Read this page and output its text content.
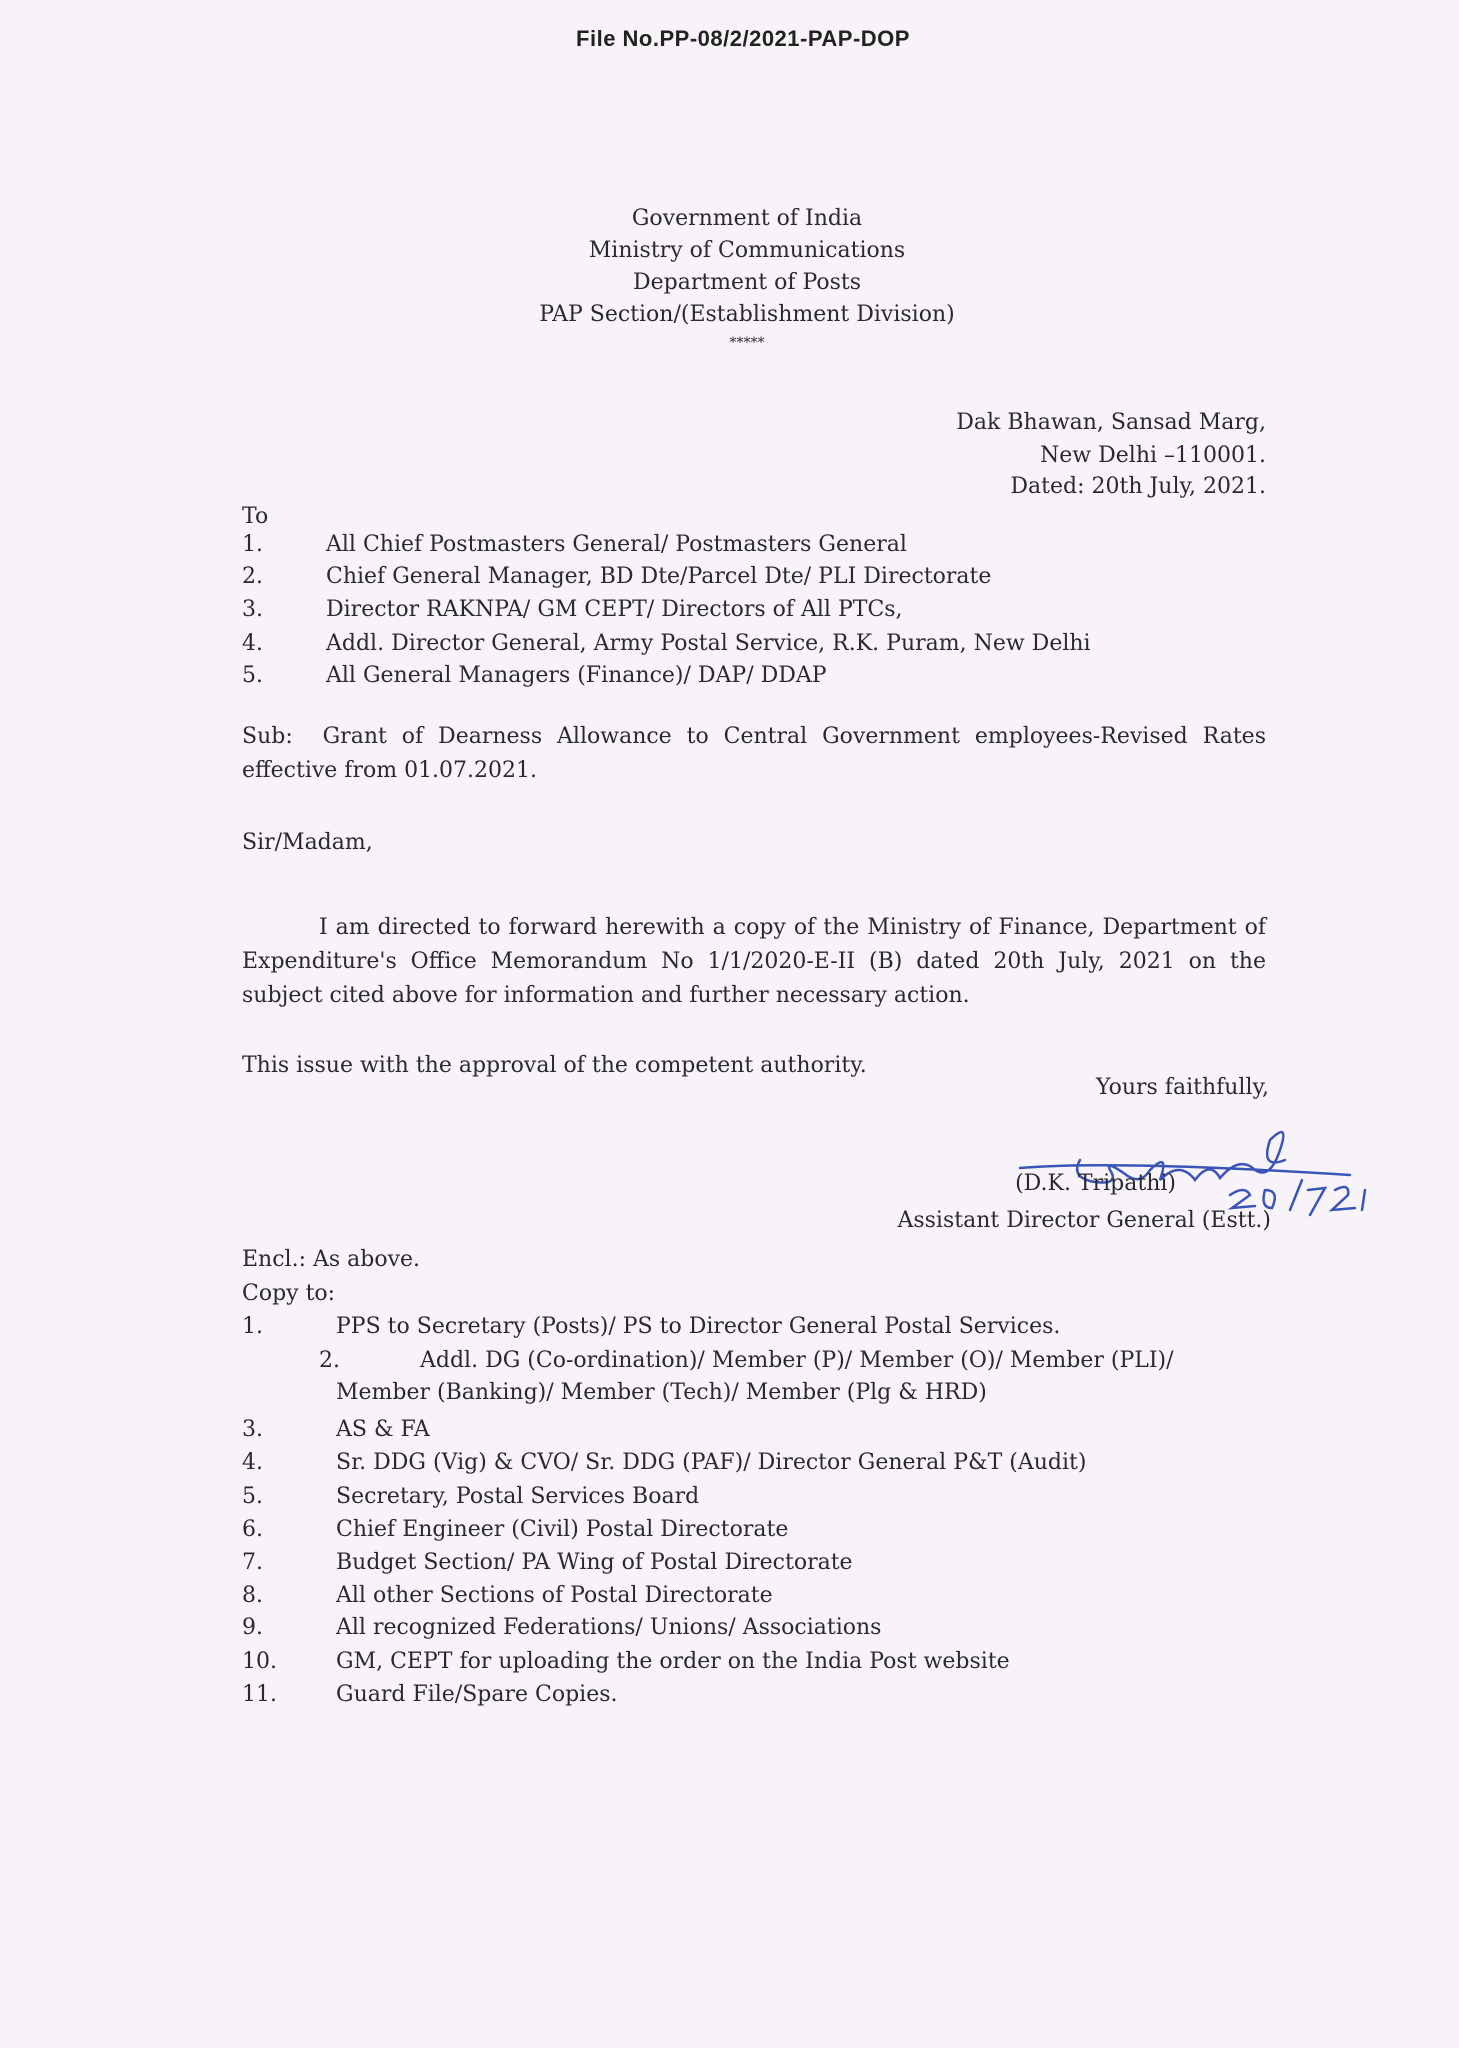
File No.PP-08/2/2021-PAP-DOP
Government of India
Ministry of Communications
Department of Posts
PAP Section/(Establishment Division)
*****
Dak Bhawan, Sansad Marg,
New Delhi –110001.
Dated: 20th July, 2021.
To
1.	All Chief Postmasters General/ Postmasters General
2.	Chief General Manager, BD Dte/Parcel Dte/ PLI Directorate
3.	Director RAKNPA/ GM CEPT/ Directors of All PTCs,
4.	Addl. Director General, Army Postal Service, R.K. Puram, New Delhi
5.	All General Managers (Finance)/ DAP/ DDAP
Sub: Grant of Dearness Allowance to Central Government employees-Revised Rates effective from 01.07.2021.
Sir/Madam,
I am directed to forward herewith a copy of the Ministry of Finance, Department of Expenditure's Office Memorandum No 1/1/2020-E-II (B) dated 20th July, 2021 on the subject cited above for information and further necessary action.
This issue with the approval of the competent authority.
Yours faithfully,
(D.K. Tripathi)
Assistant Director General (Estt.)
Encl.: As above.
Copy to:
1.	PPS to Secretary (Posts)/ PS to Director General Postal Services.
2.	Addl. DG (Co-ordination)/ Member (P)/ Member (O)/ Member (PLI)/
Member (Banking)/ Member (Tech)/ Member (Plg & HRD)
3.	AS & FA
4.	Sr. DDG (Vig) & CVO/ Sr. DDG (PAF)/ Director General P&T (Audit)
5.	Secretary, Postal Services Board
6.	Chief Engineer (Civil) Postal Directorate
7.	Budget Section/ PA Wing of Postal Directorate
8.	All other Sections of Postal Directorate
9.	All recognized Federations/ Unions/ Associations
10.	GM, CEPT for uploading the order on the India Post website
11.	Guard File/Spare Copies.
